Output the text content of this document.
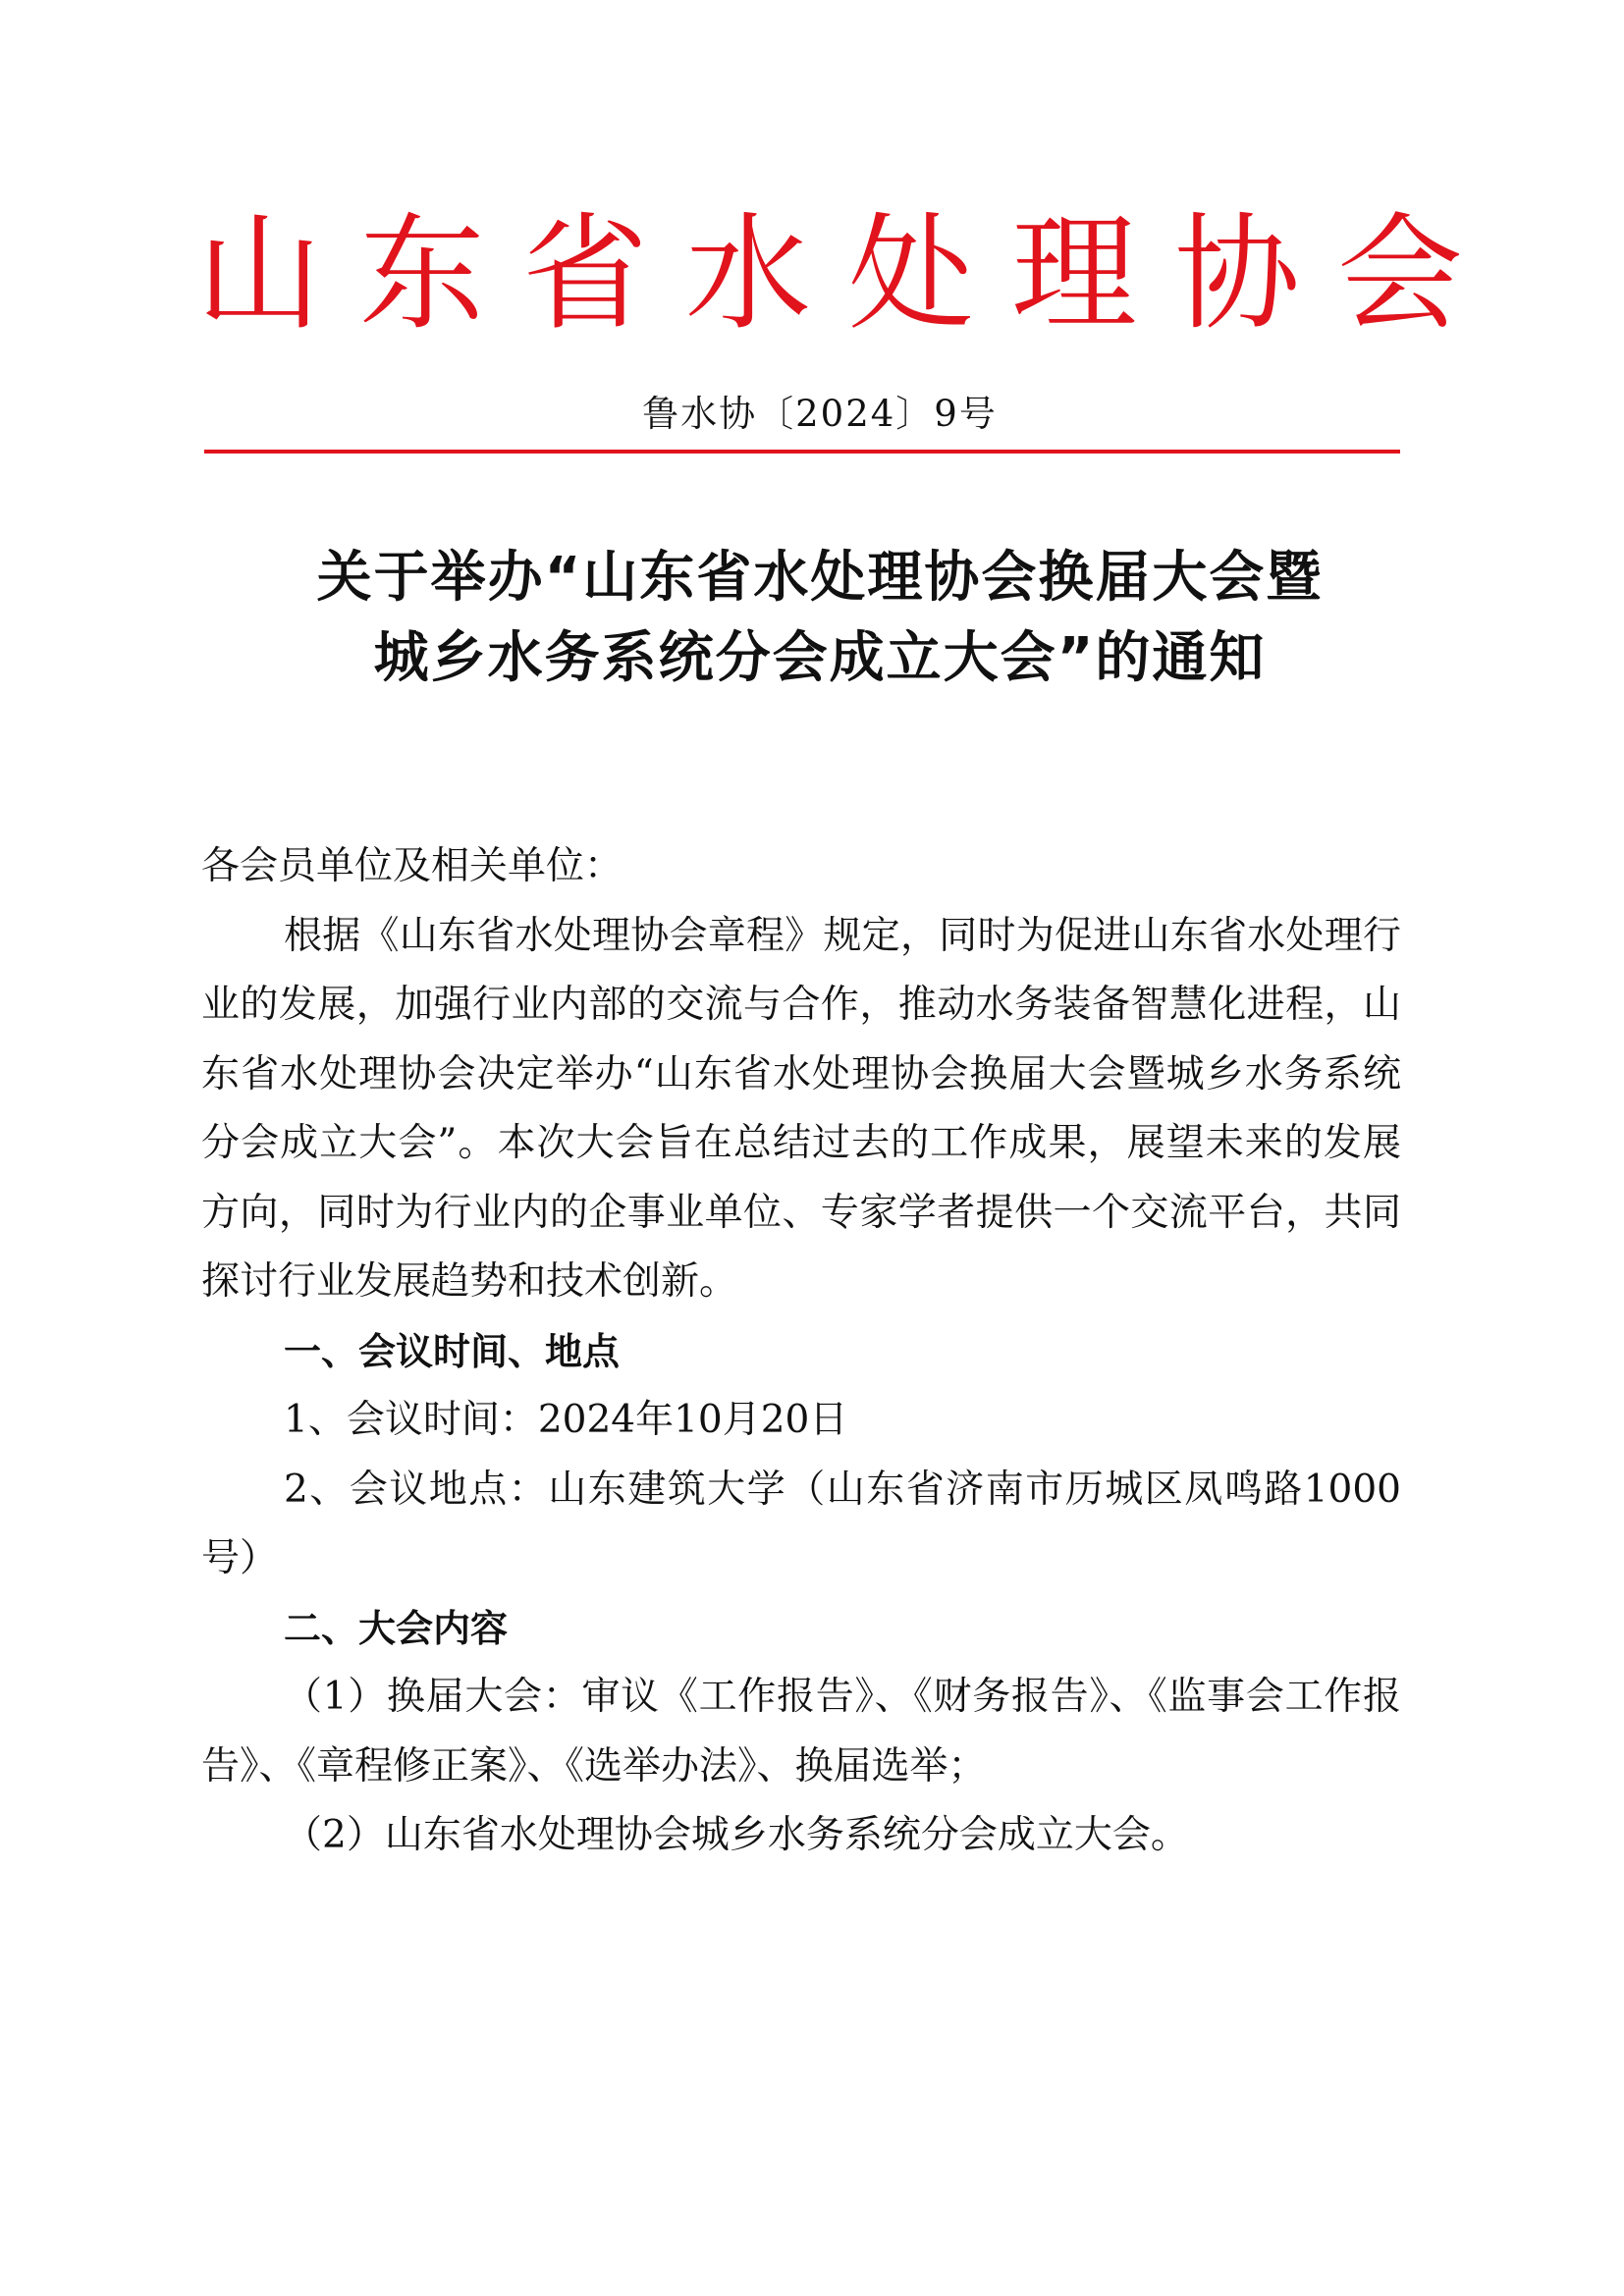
山东省水处理协会
鲁水协〔2024〕9号
关于举办“山东省水处理协会换届大会暨
城乡水务系统分会成立大会”的通知

各会员单位及相关单位：

根据《山东省水处理协会章程》规定，同时为促进山东省水处理行业的发展，加强行业内部的交流与合作，推动水务装备智慧化进程，山东省水处理协会决定举办“山东省水处理协会换届大会暨城乡水务系统分会成立大会”。本次大会旨在总结过去的工作成果，展望未来的发展方向，同时为行业内的企事业单位、专家学者提供一个交流平台，共同探讨行业发展趋势和技术创新。

一、会议时间、地点

1、会议时间：2024年10月20日

2、会议地点：山东建筑大学（山东省济南市历城区凤鸣路1000号）

二、大会内容

（1）换届大会：审议《工作报告》、《财务报告》、《监事会工作报告》、《章程修正案》、《选举办法》、换届选举；

（2）山东省水处理协会城乡水务系统分会成立大会。
